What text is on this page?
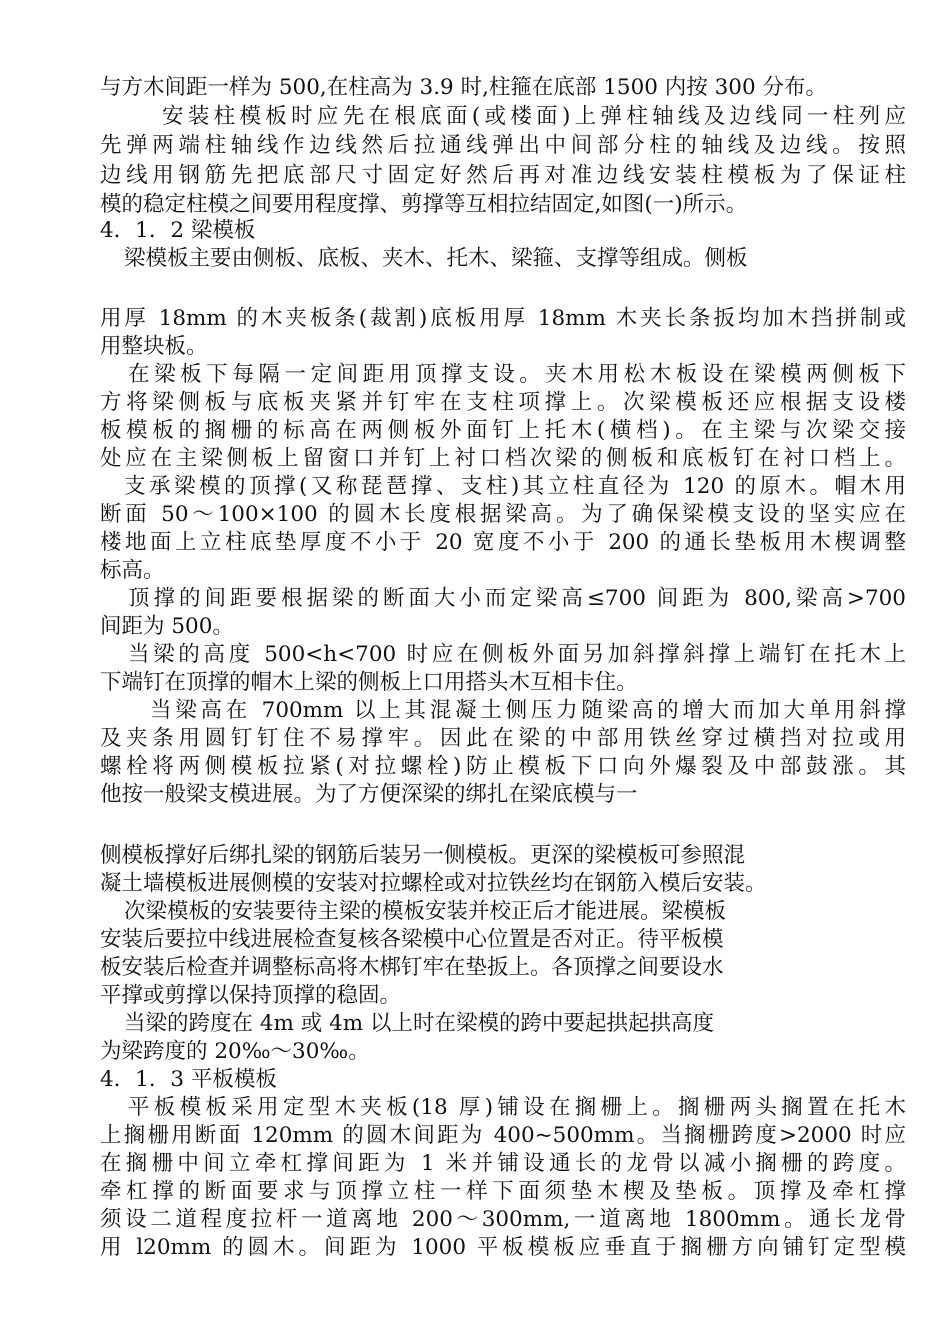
与方木间距一样为 500,在柱高为 3.9 时,柱箍在底部 1500 内按 300 分布。
安装柱模板时应先在根底面(或楼面)上弹柱轴线及边线同一柱列应
先弹两端柱轴线作边线然后拉通线弹出中间部分柱的轴线及边线。按照
边线用钢筋先把底部尺寸固定好然后再对准边线安装柱模板为了保证柱
模的稳定柱模之间要用程度撑、剪撑等互相拉结固定,如图(一)所示。
4．1．2 梁模板
梁模板主要由侧板、底板、夹木、托木、梁箍、支撑等组成。侧板
用厚 18mm 的木夹板条(裁割)底板用厚 18mm 木夹长条扳均加木挡拼制或
用整块板。
在梁板下每隔一定间距用顶撑支设。夹木用松木板设在梁模两侧板下
方将梁侧板与底板夹紧并钉牢在支柱项撑上。次梁模板还应根据支设楼
板模板的搁栅的标高在两侧板外面钉上托木(横档)。在主梁与次梁交接
处应在主梁侧板上留窗口并钉上衬口档次梁的侧板和底板钉在衬口档上。
支承梁模的顶撑(又称琵琶撑、支柱)其立柱直径为 120 的原木。帽木用
断面 50～100×100 的圆木长度根据梁高。为了确保梁模支设的坚实应在
楼地面上立柱底垫厚度不小于 20 宽度不小于 200 的通长垫板用木楔调整
标高。
顶撑的间距要根据梁的断面大小而定梁高≤700 间距为 800,梁高>700
间距为 500。
当梁的高度 500<h<700 时应在侧板外面另加斜撑斜撑上端钉在托木上
下端钉在顶撑的帽木上梁的侧板上口用搭头木互相卡住。
当梁高在 700mm 以上其混凝土侧压力随梁高的增大而加大单用斜撑
及夹条用圆钉钉住不易撑牢。因此在梁的中部用铁丝穿过横挡对拉或用
螺栓将两侧模板拉紧(对拉螺栓)防止模板下口向外爆裂及中部鼓涨。其
他按一般梁支模进展。为了方便深梁的绑扎在梁底模与一
侧模板撑好后绑扎梁的钢筋后装另一侧模板。更深的梁模板可参照混
凝土墙模板进展侧模的安装对拉螺栓或对拉铁丝均在钢筋入模后安装。
次梁模板的安装要待主梁的模板安装并校正后才能进展。梁模板
安装后要拉中线进展检查复核各梁模中心位置是否对正。待平板模
板安装后检查并调整标高将木梆钉牢在垫扳上。各顶撑之间要设水
平撑或剪撑以保持顶撑的稳固。
当梁的跨度在 4m 或 4m 以上时在梁模的跨中要起拱起拱高度
为梁跨度的 20‰～30‰。
4．1．3 平板模板
平板模板采用定型木夹板(18 厚)铺设在搁栅上。搁栅两头搁置在托木
上搁栅用断面 120mm 的圆木间距为 400~500mm。当搁栅跨度>2000 时应
在搁栅中间立牵杠撑间距为 1 米并铺设通长的龙骨以减小搁栅的跨度。
牵杠撑的断面要求与顶撑立柱一样下面须垫木楔及垫板。顶撑及牵杠撑
须设二道程度拉杆一道离地 200～300mm,一道离地 1800mm。通长龙骨
用 l20mm 的圆木。间距为 1000 平板模板应垂直于搁栅方向铺钉定型模
